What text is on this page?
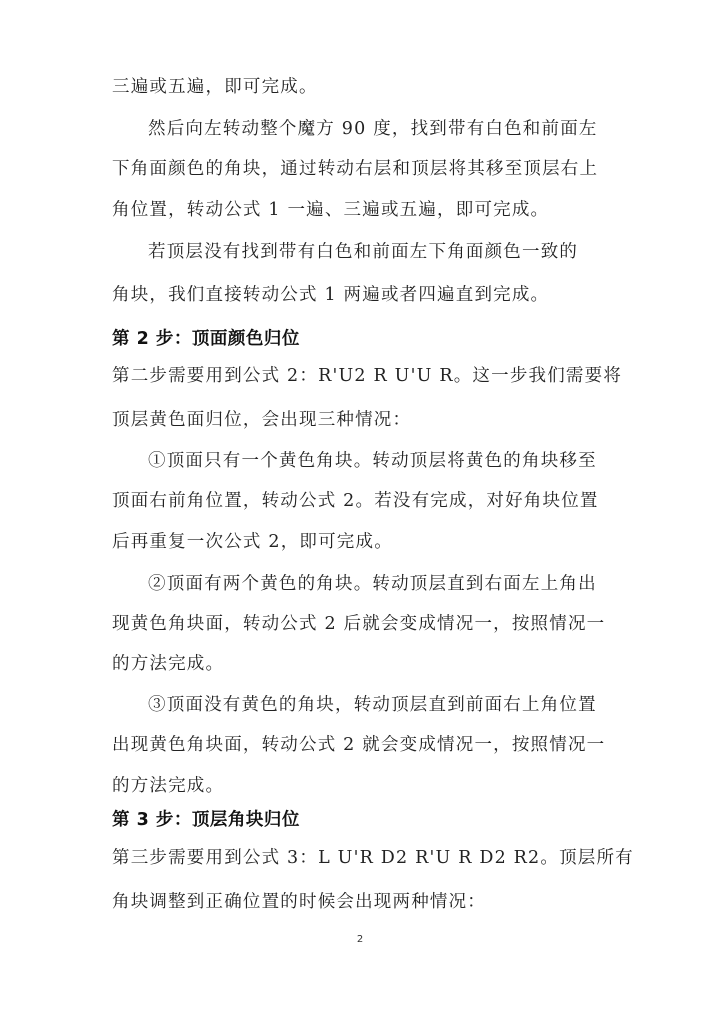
三遍或五遍，即可完成。
然后向左转动整个魔方 90 度，找到带有白色和前面左
下角面颜色的角块，通过转动右层和顶层将其移至顶层右上
角位置，转动公式 1 一遍、三遍或五遍，即可完成。
若顶层没有找到带有白色和前面左下角面颜色一致的
角块，我们直接转动公式 1 两遍或者四遍直到完成。
第 2 步：顶面颜色归位
第二步需要用到公式 2：R'U2 R U'U R。这一步我们需要将
顶层黄色面归位，会出现三种情况：
①顶面只有一个黄色角块。转动顶层将黄色的角块移至
顶面右前角位置，转动公式 2。若没有完成，对好角块位置
后再重复一次公式 2，即可完成。
②顶面有两个黄色的角块。转动顶层直到右面左上角出
现黄色角块面，转动公式 2 后就会变成情况一，按照情况一
的方法完成。
③顶面没有黄色的角块，转动顶层直到前面右上角位置
出现黄色角块面，转动公式 2 就会变成情况一，按照情况一
的方法完成。
第 3 步：顶层角块归位
第三步需要用到公式 3：L U'R D2 R'U R D2 R2。顶层所有
角块调整到正确位置的时候会出现两种情况：
2
